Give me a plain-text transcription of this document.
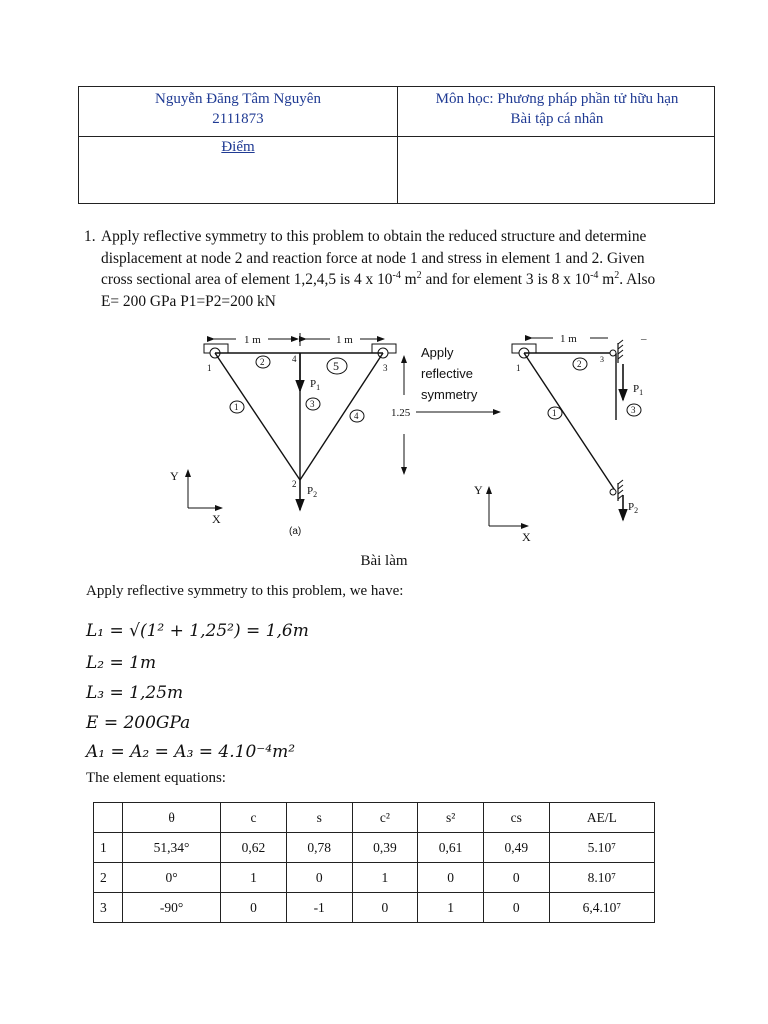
Nguyễn Đăng Tâm Nguyên
2111873
Môn học: Phương pháp phần tử hữu hạn
Bài tập cá nhân
Điểm
1. Apply reflective symmetry to this problem to obtain the reduced structure and determine
displacement at node 2 and reaction force at node 1 and stress in element 1 and 2. Given
cross sectional area of element 1,2,4,5 is 4 x $10^{-4}$ $m^2$ and for element 3 is 8 x $10^{-4}$ $m^2$. Also
E= 200 GPa P1=P2=200 kN
1 m	1 m
1
2
3
4
1
2
3
4
5
$P_1$
$P_2$
1.25
Y
X
(a)
Apply
reflective
symmetry
1 m	–
1
3
2
1	3
$P_1$
$P_2$
Y
X
Bài làm
Apply reflective symmetry to this problem, we have:
L₁ = √(1² + 1,25²) = 1,6m
L₂ = 1m
L₃ = 1,25m
E = 200GPa
A₁ = A₂ = A₃ = 4.10⁻⁴m²
The element equations:
	θ	c	s	c²	s²	cs	AE/L
1	51,34°	0,62	0,78	0,39	0,61	0,49	5.10⁷
2	0°	1	0	1	0	0	8.10⁷
3	-90°	0	-1	0	1	0	6,4.10⁷
